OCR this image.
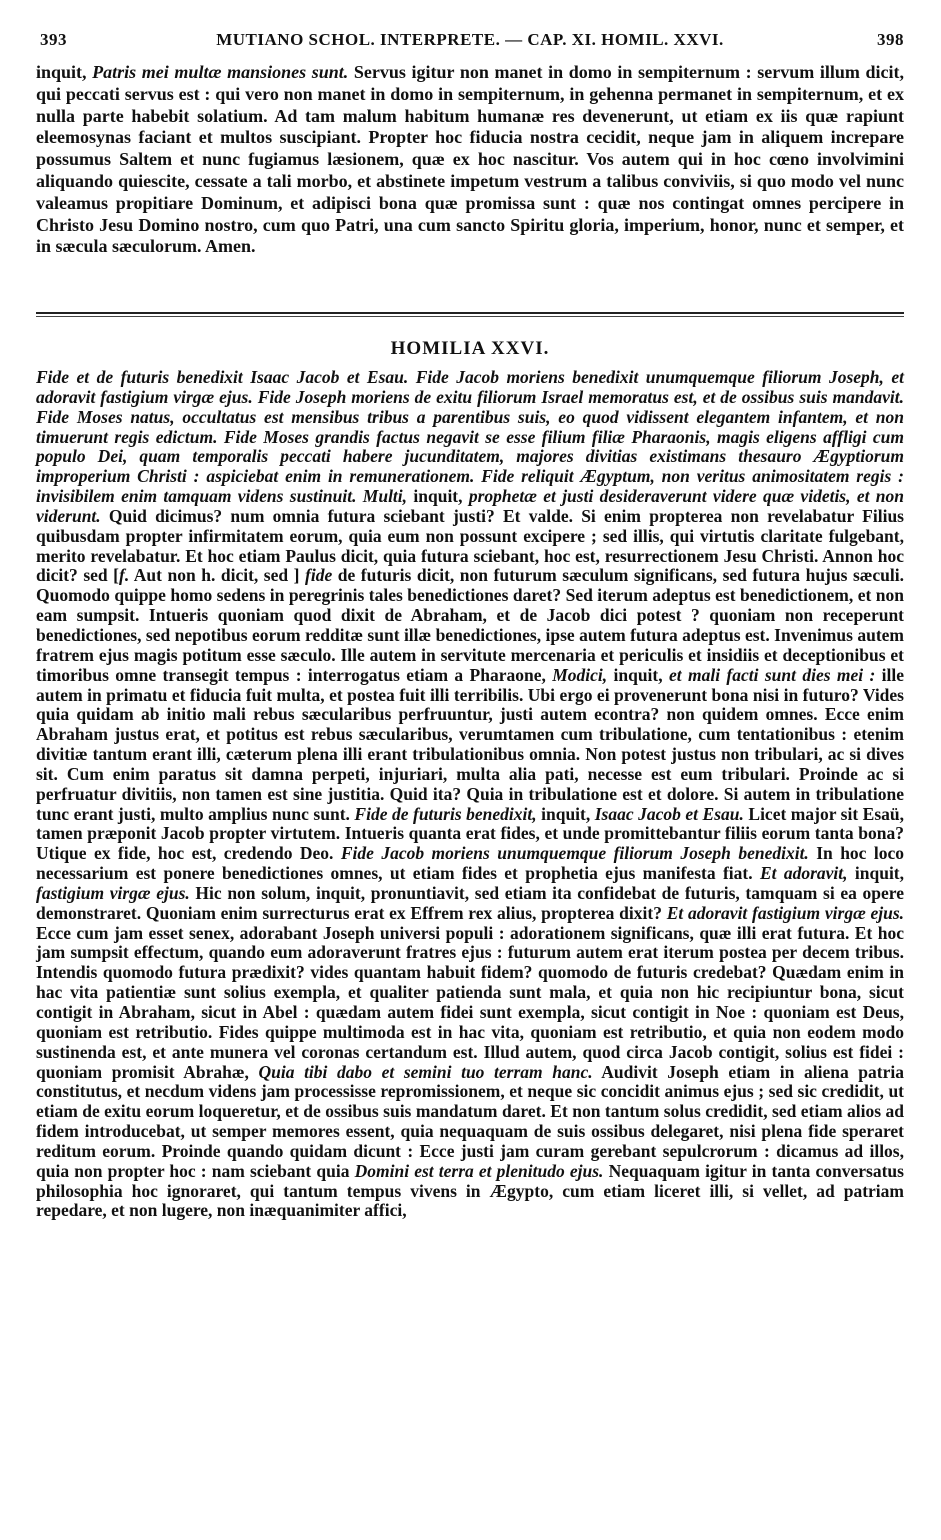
393	MUTIANO SCHOL. INTERPRETE. — CAP. XI. HOMIL. XXVI.	398
inquit, Patris mei multæ mansiones sunt. Servus igitur non manet in domo in sempiternum : servum illum dicit, qui peccati servus est : qui vero non manet in domo in sempiternum, in gehenna permanet in sempiternum, et ex nulla parte habebit solatium. Ad tam malum habitum humanæ res devenerunt, ut etiam ex iis quæ rapiunt eleemosynas faciant et multos suscipiant. Propter hoc fiducia nostra cecidit, neque jam in aliquem increpare possumus Saltem et nunc fugiamus læsionem, quæ ex hoc nascitur. Vos autem qui in hoc cœno involvimini aliquando quiescite, cessate a tali morbo, et abstinete impetum vestrum a talibus conviviis, si quo modo vel nunc valeamus propitiare Dominum, et adipisci bona quæ promissa sunt : quæ nos contingat omnes percipere in Christo Jesu Domino nostro, cum quo Patri, una cum sancto Spiritu gloria, imperium, honor, nunc et semper, et in sæcula sæculorum. Amen.
HOMILIA XXVI.
Fide et de futuris benedixit Isaac Jacob et Esau. Fide Jacob moriens benedixit unumquemque filiorum Joseph, et adoravit fastigium virgæ ejus. Fide Joseph moriens de exitu filiorum Israel memoratus est, et de ossibus suis mandavit. Fide Moses natus, occultatus est mensibus tribus a parentibus suis, eo quod vidissent elegantem infantem, et non timuerunt regis edictum. Fide Moses grandis factus negavit se esse filium filiæ Pharaonis, magis eligens affligi cum populo Dei, quam temporalis peccati habere jucunditatem, majores divitias existimans thesauro Ægyptiorum improperium Christi : aspiciebat enim in remunerationem. Fide reliquit Ægyptum, non veritus animositatem regis : invisibilem enim tamquam videns sustinuit. Multi, inquit, prophetæ et justi desideraverunt videre quæ videtis, et non viderunt. Quid dicimus? num omnia futura sciebant justi? Et valde. Si enim propterea non revelabatur Filius quibusdam propter infirmitatem eorum, quia eum non possunt excipere ; sed illis, qui virtutis claritate fulgebant, merito revelabatur. Et hoc etiam Paulus dicit, quia futura sciebant, hoc est, resurrectionem Jesu Christi. Annon hoc dicit? sed [f. Aut non h. dicit, sed ] fide de futuris dicit, non futurum sæculum significans, sed futura hujus sæculi. Quomodo quippe homo sedens in peregrinis tales benedictiones daret? Sed iterum adeptus est benedictionem, et non eam sumpsit. Intueris quoniam quod dixit de Abraham, et de Jacob dici potest ? quoniam non receperunt benedictiones, sed nepotibus eorum redditæ sunt illæ benedictiones, ipse autem futura adeptus est. Invenimus autem fratrem ejus magis potitum esse sæculo. Ille autem in servitute mercenaria et periculis et insidiis et deceptionibus et timoribus omne transegit tempus : interrogatus etiam a Pharaone, Modici, inquit, et mali facti sunt dies mei : ille autem in primatu et fiducia fuit multa, et postea fuit illi terribilis. Ubi ergo ei provenerunt bona nisi in futuro? Vides quia quidam ab initio mali rebus sæcularibus perfruuntur, justi autem econtra? non quidem omnes. Ecce enim Abraham justus erat, et potitus est rebus sæcularibus, verumtamen cum tribulatione, cum tentationibus : etenim divitiæ tantum erant illi, cæterum plena illi erant tribulationibus omnia. Non potest justus non tribulari, ac si dives sit. Cum enim paratus sit damna perpeti, injuriari, multa alia pati, necesse est eum tribulari. Proinde ac si perfruatur divitiis, non tamen est sine justitia. Quid ita? Quia in tribulatione est et dolore. Si autem in tribulatione tunc erant justi, multo amplius nunc sunt. Fide de futuris benedixit, inquit, Isaac Jacob et Esau. Licet major sit Esaü, tamen præponit Jacob propter virtutem. Intueris quanta erat fides, et unde promittebantur filiis eorum tanta bona? Utique ex fide, hoc est, credendo Deo. Fide Jacob moriens unumquemque filiorum Joseph benedixit. In hoc loco necessarium est ponere benedictiones omnes, ut etiam fides et prophetia ejus manifesta fiat. Et adoravit, inquit, fastigium virgæ ejus. Hic non solum, inquit, pronuntiavit, sed etiam ita confidebat de futuris, tamquam si ea opere demonstraret. Quoniam enim surrecturus erat ex Effrem rex alius, propterea dixit? Et adoravit fastigium virgæ ejus. Ecce cum jam esset senex, adorabant Joseph universi populi : adorationem significans, quæ illi erat futura. Et hoc jam sumpsit effectum, quando eum adoraverunt fratres ejus : futurum autem erat iterum postea per decem tribus. Intendis quomodo futura prædixit? vides quantam habuit fidem? quomodo de futuris credebat? Quædam enim in hac vita patientiæ sunt solius exempla, et qualiter patienda sunt mala, et quia non hic recipiuntur bona, sicut contigit in Abraham, sicut in Abel : quædam autem fidei sunt exempla, sicut contigit in Noe : quoniam est Deus, quoniam est retributio. Fides quippe multimoda est in hac vita, quoniam est retributio, et quia non eodem modo sustinenda est, et ante munera vel coronas certandum est. Illud autem, quod circa Jacob contigit, solius est fidei : quoniam promisit Abrahæ, Quia tibi dabo et semini tuo terram hanc. Audivit Joseph etiam in aliena patria constitutus, et necdum videns jam processisse repromissionem, et neque sic concidit animus ejus ; sed sic credidit, ut etiam de exitu eorum loqueretur, et de ossibus suis mandatum daret. Et non tantum solus credidit, sed etiam alios ad fidem introducebat, ut semper memores essent, quia nequaquam de suis ossibus delegaret, nisi plena fide speraret reditum eorum. Proinde quando quidam dicunt : Ecce justi jam curam gerebant sepulcrorum : dicamus ad illos, quia non propter hoc : nam sciebant quia Domini est terra et plenitudo ejus. Nequaquam igitur in tanta conversatus philosophia hoc ignoraret, qui tantum tempus vivens in Ægypto, cum etiam liceret illi, si vellet, ad patriam repedare, et non lugere, non inæquanimiter affici,
